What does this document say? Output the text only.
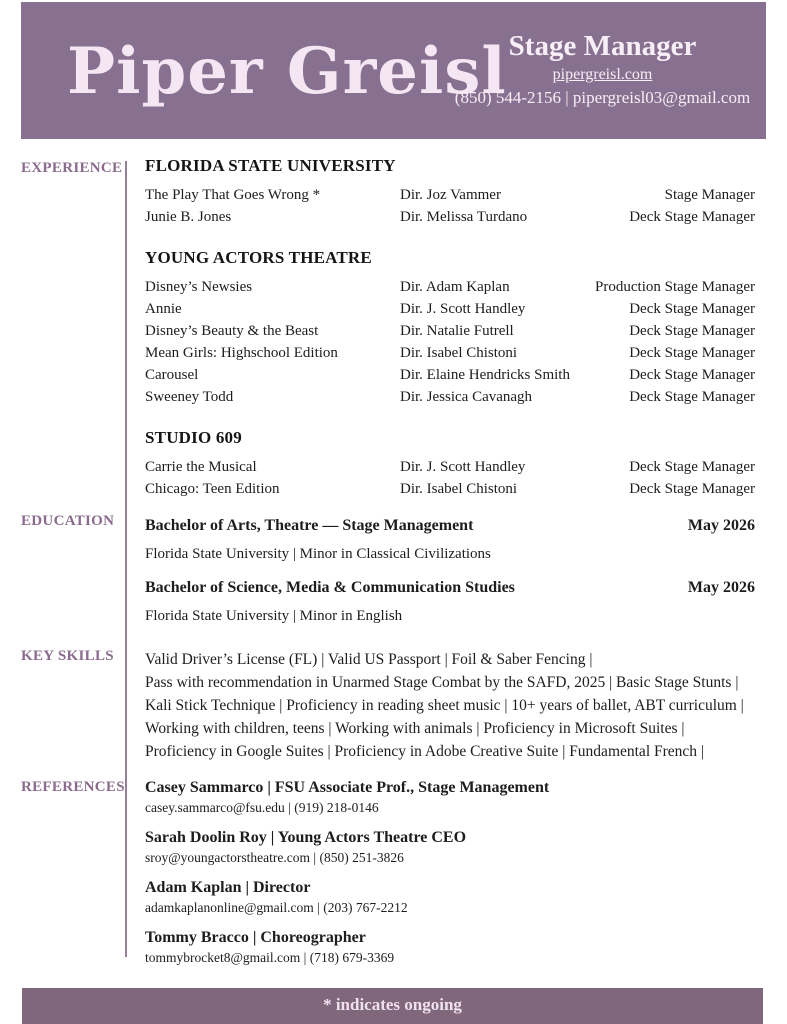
Piper Greisl Stage Manager
pipergreisl.com
(850) 544-2156 | pipergreisl03@gmail.com
EXPERIENCE
EDUCATION
KEY SKILLS
REFERENCES
FLORIDA STATE UNIVERSITY
The Play That Goes Wrong *	Dir. Joz Vammer	Stage Manager
Junie B. Jones	Dir. Melissa Turdano	Deck Stage Manager
YOUNG ACTORS THEATRE
Disney’s Newsies	Dir. Adam Kaplan	Production Stage Manager
Annie	Dir. J. Scott Handley	Deck Stage Manager
Disney’s Beauty & the Beast	Dir. Natalie Futrell	Deck Stage Manager
Mean Girls: Highschool Edition	Dir. Isabel Chistoni	Deck Stage Manager
Carousel	Dir. Elaine Hendricks Smith	Deck Stage Manager
Sweeney Todd	Dir. Jessica Cavanagh	Deck Stage Manager
STUDIO 609
Carrie the Musical	Dir. J. Scott Handley	Deck Stage Manager
Chicago: Teen Edition	Dir. Isabel Chistoni	Deck Stage Manager
Bachelor of Arts, Theatre — Stage Management	May 2026
Florida State University | Minor in Classical Civilizations
Bachelor of Science, Media & Communication Studies	May 2026
Florida State University | Minor in English
Valid Driver’s License (FL) | Valid US Passport | Foil & Saber Fencing |
Pass with recommendation in Unarmed Stage Combat by the SAFD, 2025 | Basic Stage Stunts |
Kali Stick Technique | Proficiency in reading sheet music | 10+ years of ballet, ABT curriculum |
Working with children, teens | Working with animals | Proficiency in Microsoft Suites |
Proficiency in Google Suites | Proficiency in Adobe Creative Suite | Fundamental French |
Casey Sammarco | FSU Associate Prof., Stage Management
casey.sammarco@fsu.edu | (919) 218-0146
Sarah Doolin Roy | Young Actors Theatre CEO
sroy@youngactorstheatre.com | (850) 251-3826
Adam Kaplan | Director
adamkaplanonline@gmail.com | (203) 767-2212
Tommy Bracco | Choreographer
tommybrocket8@gmail.com | (718) 679-3369
* indicates ongoing
